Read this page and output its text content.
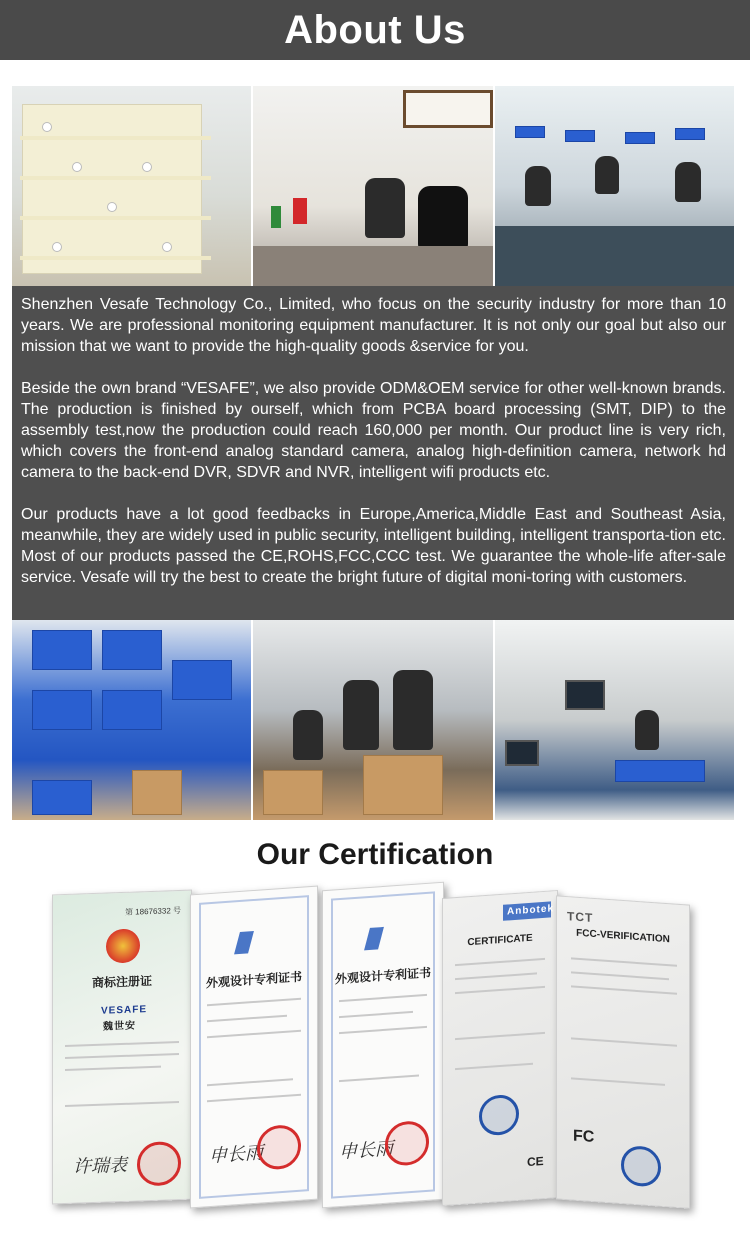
About Us

Shenzhen Vesafe Technology Co., Limited, who focus on the security industry for more than 10 years. We are professional monitoring equipment manufacturer. It is not only our goal but also our mission that we want to provide the high-quality goods &service for you.

Beside the own brand “VESAFE”, we also provide ODM&OEM service for other well-known brands. The production is finished by ourself, which from PCBA board processing (SMT, DIP) to the assembly test,now the production could reach 160,000 per month. Our product line is very rich, which covers the front-end analog standard camera, analog high-definition camera, network hd camera to the back-end DVR, SDVR and NVR, intelligent wifi products etc.

Our products have a lot good feedbacks in Europe,America,Middle East and Southeast Asia, meanwhile, they are widely used in public security, intelligent building, intelligent transporta-tion etc. Most of our products passed the CE,ROHS,FCC,CCC test. We guarantee the whole-life after-sale service. Vesafe will try the best to create the bright future of digital moni-toring with customers.

Our Certification
第 18676332 号
商标注册证
VESAFE
魏世安
许瑞表
外观设计专利证书
申长雨
外观设计专利证书
申长雨
Anbotek
CERTIFICATE
CE
TCT
FCC-VERIFICATION
FC
